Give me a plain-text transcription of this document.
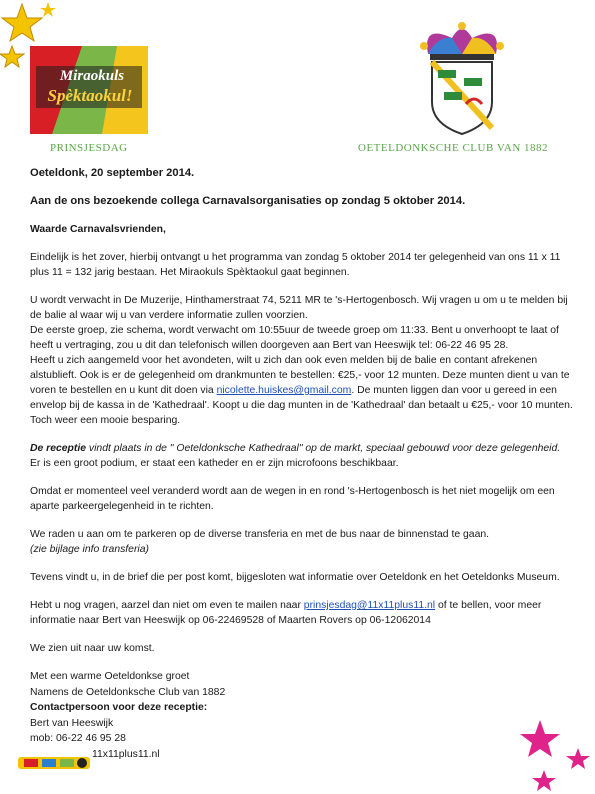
Miraokuls
Spèktaokul!
PRINSJESDAG	OETELDONKSCHE CLUB VAN 1882

Oeteldonk, 20 september 2014.

Aan de ons bezoekende collega Carnavalsorganisaties op zondag 5 oktober 2014.

Waarde Carnavalsvrienden,

Eindelijk is het zover, hierbij ontvangt u het programma van zondag 5 oktober 2014 ter gelegenheid van ons 11 x 11 plus 11 = 132 jarig bestaan. Het Miraokuls Spèktaokul gaat beginnen.

U wordt verwacht in De Muzerije, Hinthamerstraat 74, 5211 MR te 's-Hertogenbosch. Wij vragen u om u te melden bij de balie al waar wij u van verdere informatie zullen voorzien.

De eerste groep, zie schema, wordt verwacht om 10:55uur de tweede groep om 11:33. Bent u onverhoopt te laat of heeft u vertraging, zou u dit dan telefonisch willen doorgeven aan Bert van Heeswijk tel: 06-22 46 95 28.

Heeft u zich aangemeld voor het avondeten, wilt u zich dan ook even melden bij de balie en contant afrekenen alstublieft. Ook is er de gelegenheid om drankmunten te bestellen: €25,- voor 12 munten. Deze munten dient u van te voren te bestellen en u kunt dit doen via nicolette.huiskes@gmail.com. De munten liggen dan voor u gereed in een envelop bij de kassa in de 'Kathedraal'. Koopt u die dag munten in de 'Kathedraal' dan betaalt u €25,- voor 10 munten. Toch weer een mooie besparing.

De receptie vindt plaats in de " Oeteldonksche Kathedraal" op de markt, speciaal gebouwd voor deze gelegenheid.
Er is een groot podium, er staat een katheder en er zijn microfoons beschikbaar.

Omdat er momenteel veel veranderd wordt aan de wegen in en rond 's-Hertogenbosch is het niet mogelijk om een aparte parkeergelegenheid in te richten.

We raden u aan om te parkeren op de diverse transferia en met de bus naar de binnenstad te gaan.
(zie bijlage info transferia)

Tevens vindt u, in de brief die per post komt, bijgesloten wat informatie over Oeteldonk en het Oeteldonks Museum.

Hebt u nog vragen, aarzel dan niet om even te mailen naar prinsjesdag@11x11plus11.nl of te bellen, voor meer informatie naar Bert van Heeswijk op 06-22469528 of Maarten Rovers op 06-12062014

We zien uit naar uw komst.

Met een warme Oeteldonkse groet
Namens de Oeteldonksche Club van 1882
Contactpersoon voor deze receptie:
Bert van Heeswijk
mob: 06-22 46 95 28
11x11plus11.nl
